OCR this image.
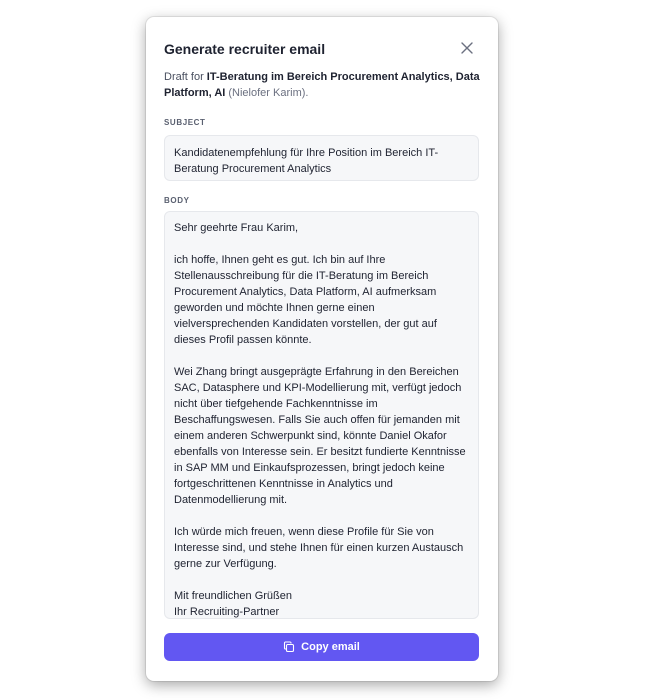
Generate recruiter email
Draft for IT-Beratung im Bereich Procurement Analytics, Data Platform, AI (Nielofer Karim).
SUBJECT
Kandidatenempfehlung für Ihre Position im Bereich IT-Beratung Procurement Analytics
BODY

Sehr geehrte Frau Karim,

ich hoffe, Ihnen geht es gut. Ich bin auf Ihre Stellenausschreibung für die IT-Beratung im Bereich Procurement Analytics, Data Platform, AI aufmerksam geworden und möchte Ihnen gerne einen vielversprechenden Kandidaten vorstellen, der gut auf dieses Profil passen könnte.

Wei Zhang bringt ausgeprägte Erfahrung in den Bereichen SAC, Datasphere und KPI-Modellierung mit, verfügt jedoch nicht über tiefgehende Fachkenntnisse im Beschaffungswesen. Falls Sie auch offen für jemanden mit einem anderen Schwerpunkt sind, könnte Daniel Okafor ebenfalls von Interesse sein. Er besitzt fundierte Kenntnisse in SAP MM und Einkaufsprozessen, bringt jedoch keine fortgeschrittenen Kenntnisse in Analytics und Datenmodellierung mit.

Ich würde mich freuen, wenn diese Profile für Sie von Interesse sind, und stehe Ihnen für einen kurzen Austausch gerne zur Verfügung.

Mit freundlichen Grüßen
Ihr Recruiting-Partner

Copy email
